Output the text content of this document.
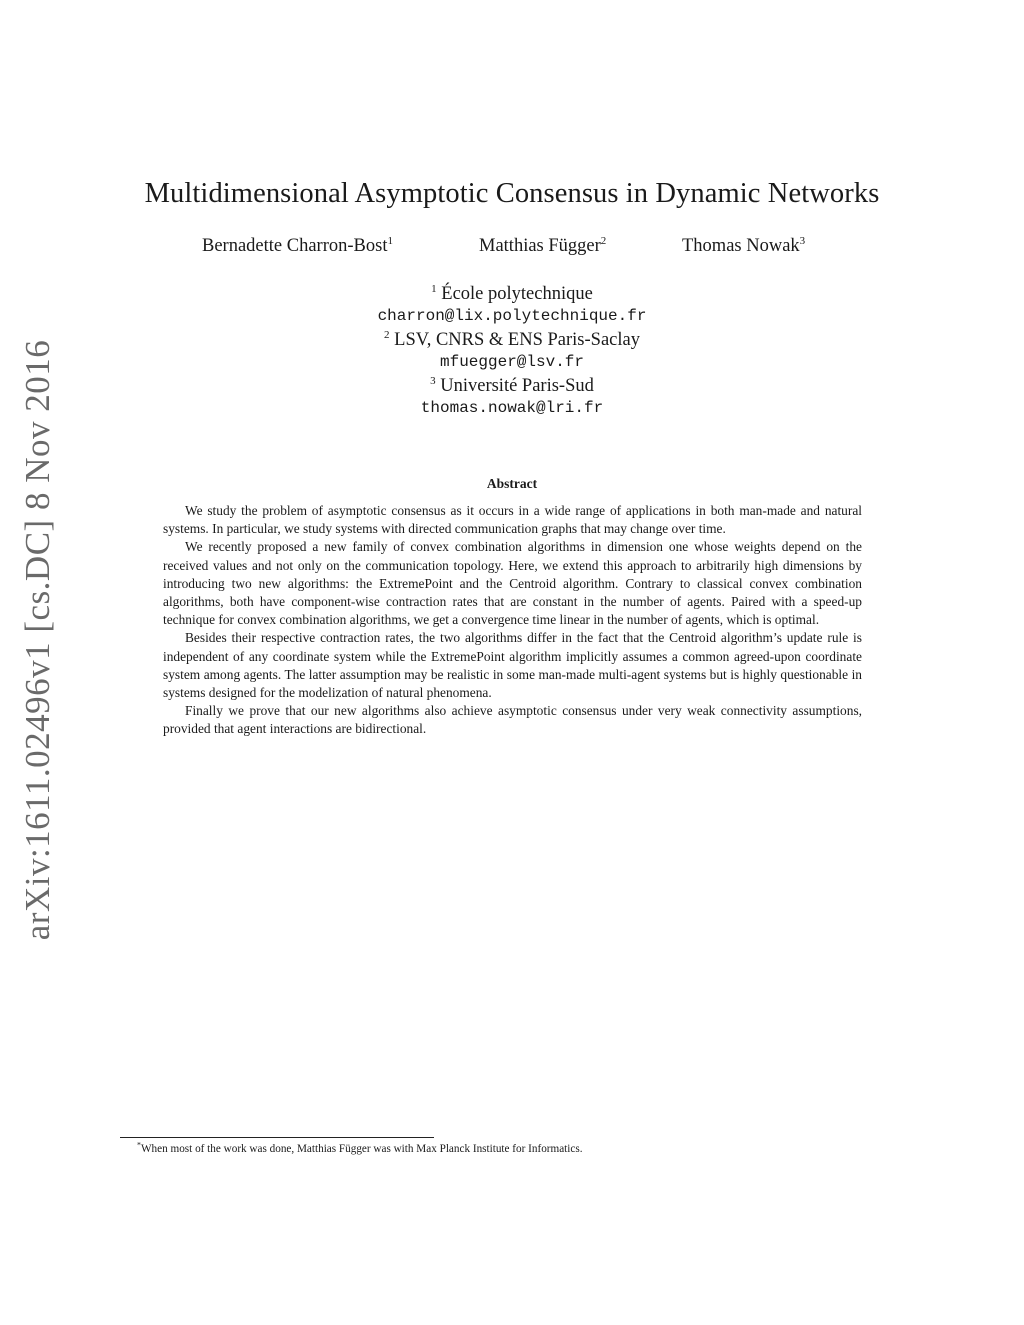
arXiv:1611.02496v1 [cs.DC] 8 Nov 2016
Multidimensional Asymptotic Consensus in Dynamic Networks
Bernadette Charron-Bost$^1$	Matthias Függer$^2$	Thomas Nowak$^3$
$^1$ École polytechnique
charron@lix.polytechnique.fr
$^2$ LSV, CNRS & ENS Paris-Saclay
mfuegger@lsv.fr
$^3$ Université Paris-Sud
thomas.nowak@lri.fr
Abstract

We study the problem of asymptotic consensus as it occurs in a wide range of applications in both man-made and natural systems. In particular, we study systems with directed communication graphs that may change over time.

We recently proposed a new family of convex combination algorithms in dimension one whose weights depend on the received values and not only on the communication topology. Here, we extend this approach to arbitrarily high dimensions by introducing two new algorithms: the ExtremePoint and the Centroid algorithm. Contrary to classical convex combination algorithms, both have component-wise contraction rates that are constant in the number of agents. Paired with a speed-up technique for convex combination algorithms, we get a convergence time linear in the number of agents, which is optimal.

Besides their respective contraction rates, the two algorithms differ in the fact that the Centroid algorithm’s update rule is independent of any coordinate system while the ExtremePoint algorithm implicitly assumes a common agreed-upon coordinate system among agents. The latter assumption may be realistic in some man-made multi-agent systems but is highly questionable in systems designed for the modelization of natural phenomena.

Finally we prove that our new algorithms also achieve asymptotic consensus under very weak connectivity assumptions, provided that agent interactions are bidirectional.

*When most of the work was done, Matthias Függer was with Max Planck Institute for Informatics.
